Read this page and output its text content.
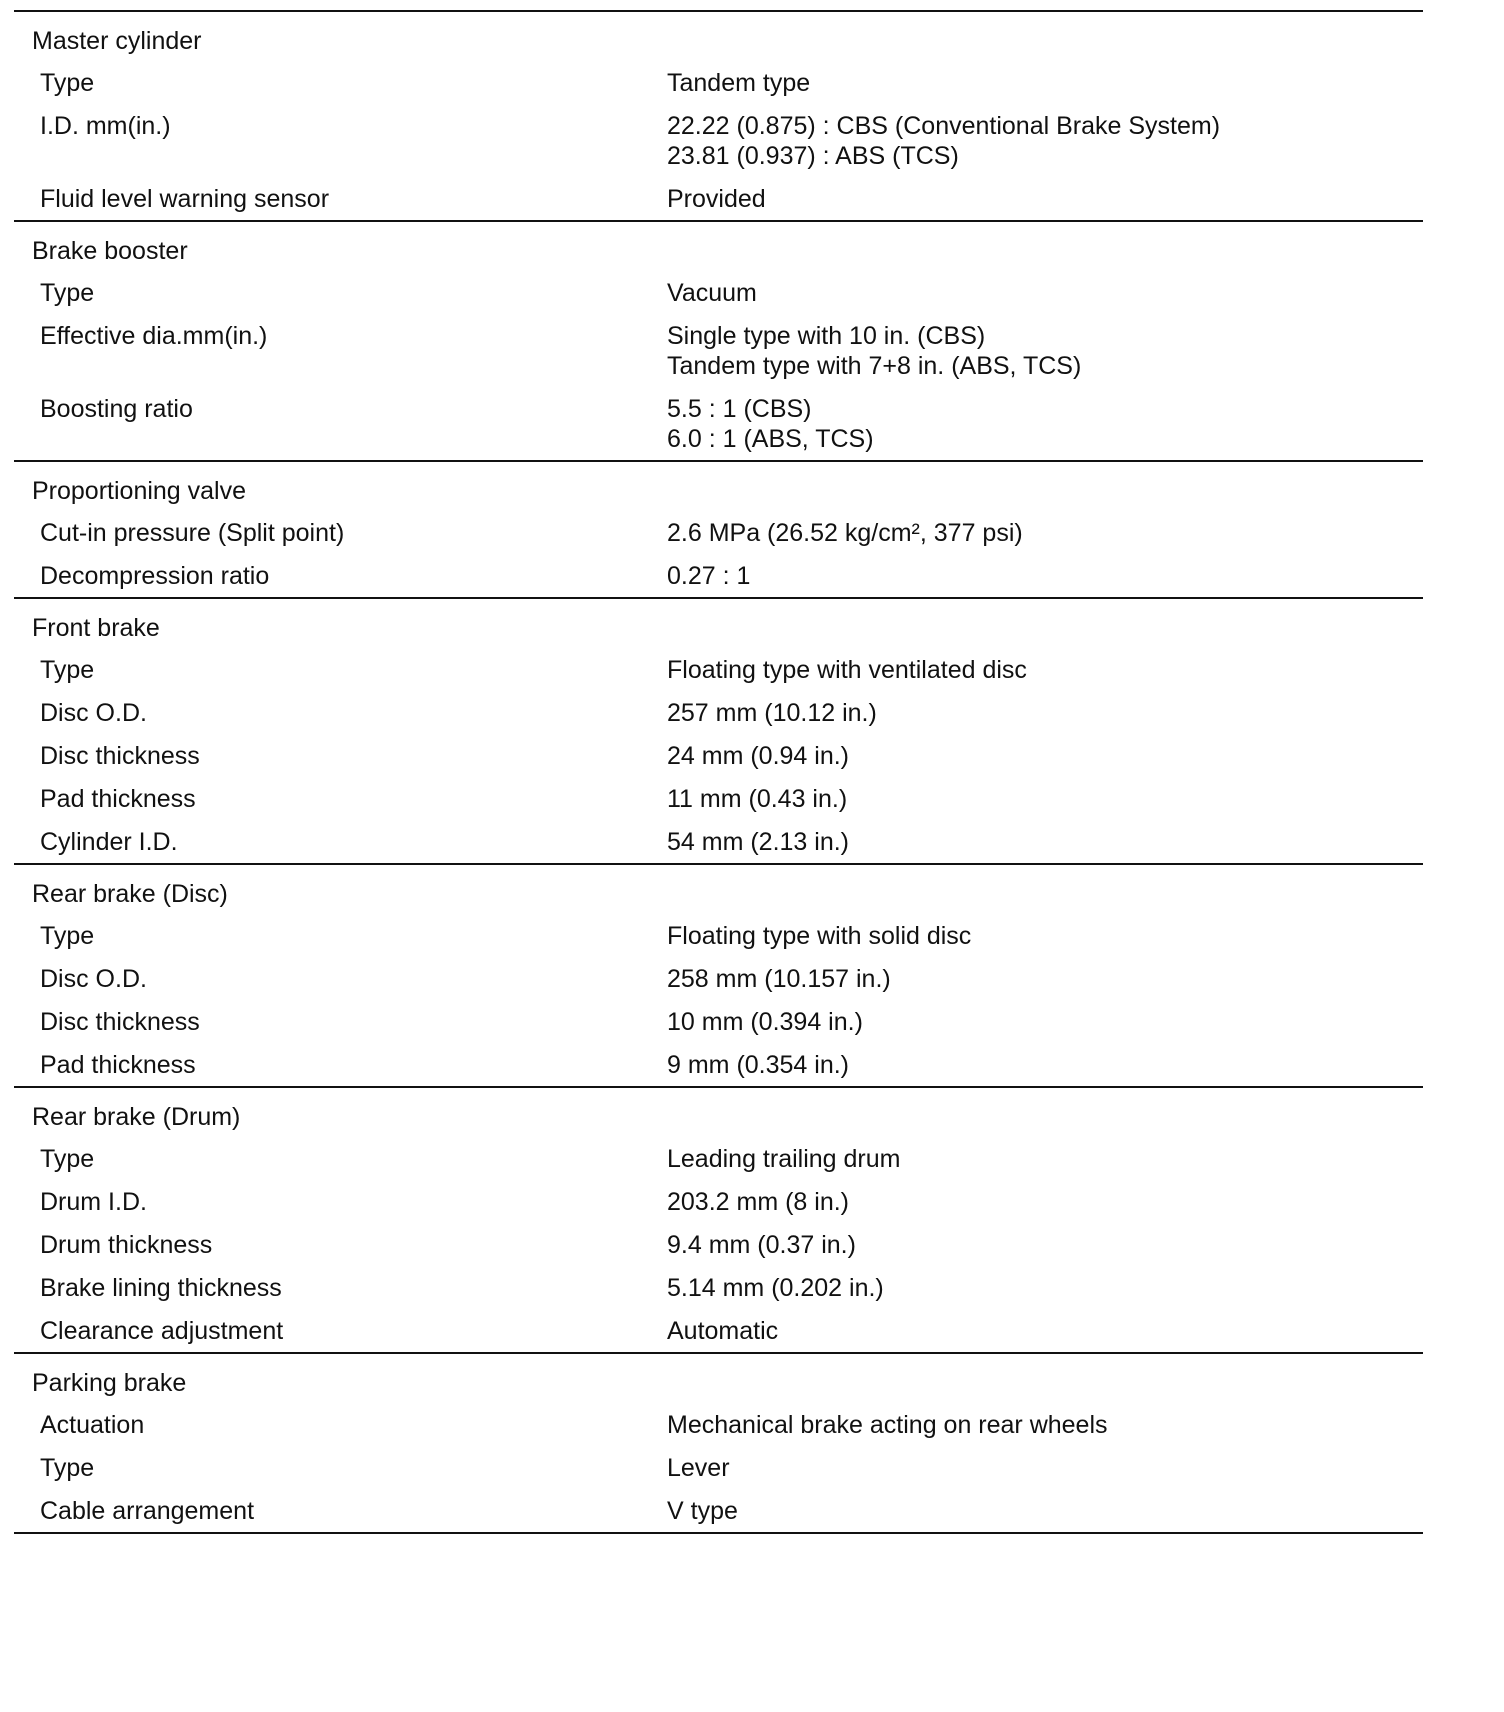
Master cylinder
Type	Tandem type
I.D. mm(in.)	22.22 (0.875) : CBS (Conventional Brake System)
23.81 (0.937) : ABS (TCS)
Fluid level warning sensor	Provided
Brake booster
Type	Vacuum
Effective dia.mm(in.)	Single type with 10 in. (CBS)
Tandem type with 7+8 in. (ABS, TCS)
Boosting ratio	5.5 : 1 (CBS)
6.0 : 1 (ABS, TCS)
Proportioning valve
Cut-in pressure (Split point)	2.6 MPa (26.52 kg/cm², 377 psi)
Decompression ratio	0.27 : 1
Front brake
Type	Floating type with ventilated disc
Disc O.D.	257 mm (10.12 in.)
Disc thickness	24 mm (0.94 in.)
Pad thickness	11 mm (0.43 in.)
Cylinder I.D.	54 mm (2.13 in.)
Rear brake (Disc)
Type	Floating type with solid disc
Disc O.D.	258 mm (10.157 in.)
Disc thickness	10 mm (0.394 in.)
Pad thickness	9 mm (0.354 in.)
Rear brake (Drum)
Type	Leading trailing drum
Drum I.D.	203.2 mm (8 in.)
Drum thickness	9.4 mm (0.37 in.)
Brake lining thickness	5.14 mm (0.202 in.)
Clearance adjustment	Automatic
Parking brake
Actuation	Mechanical brake acting on rear wheels
Type	Lever
Cable arrangement	V type
